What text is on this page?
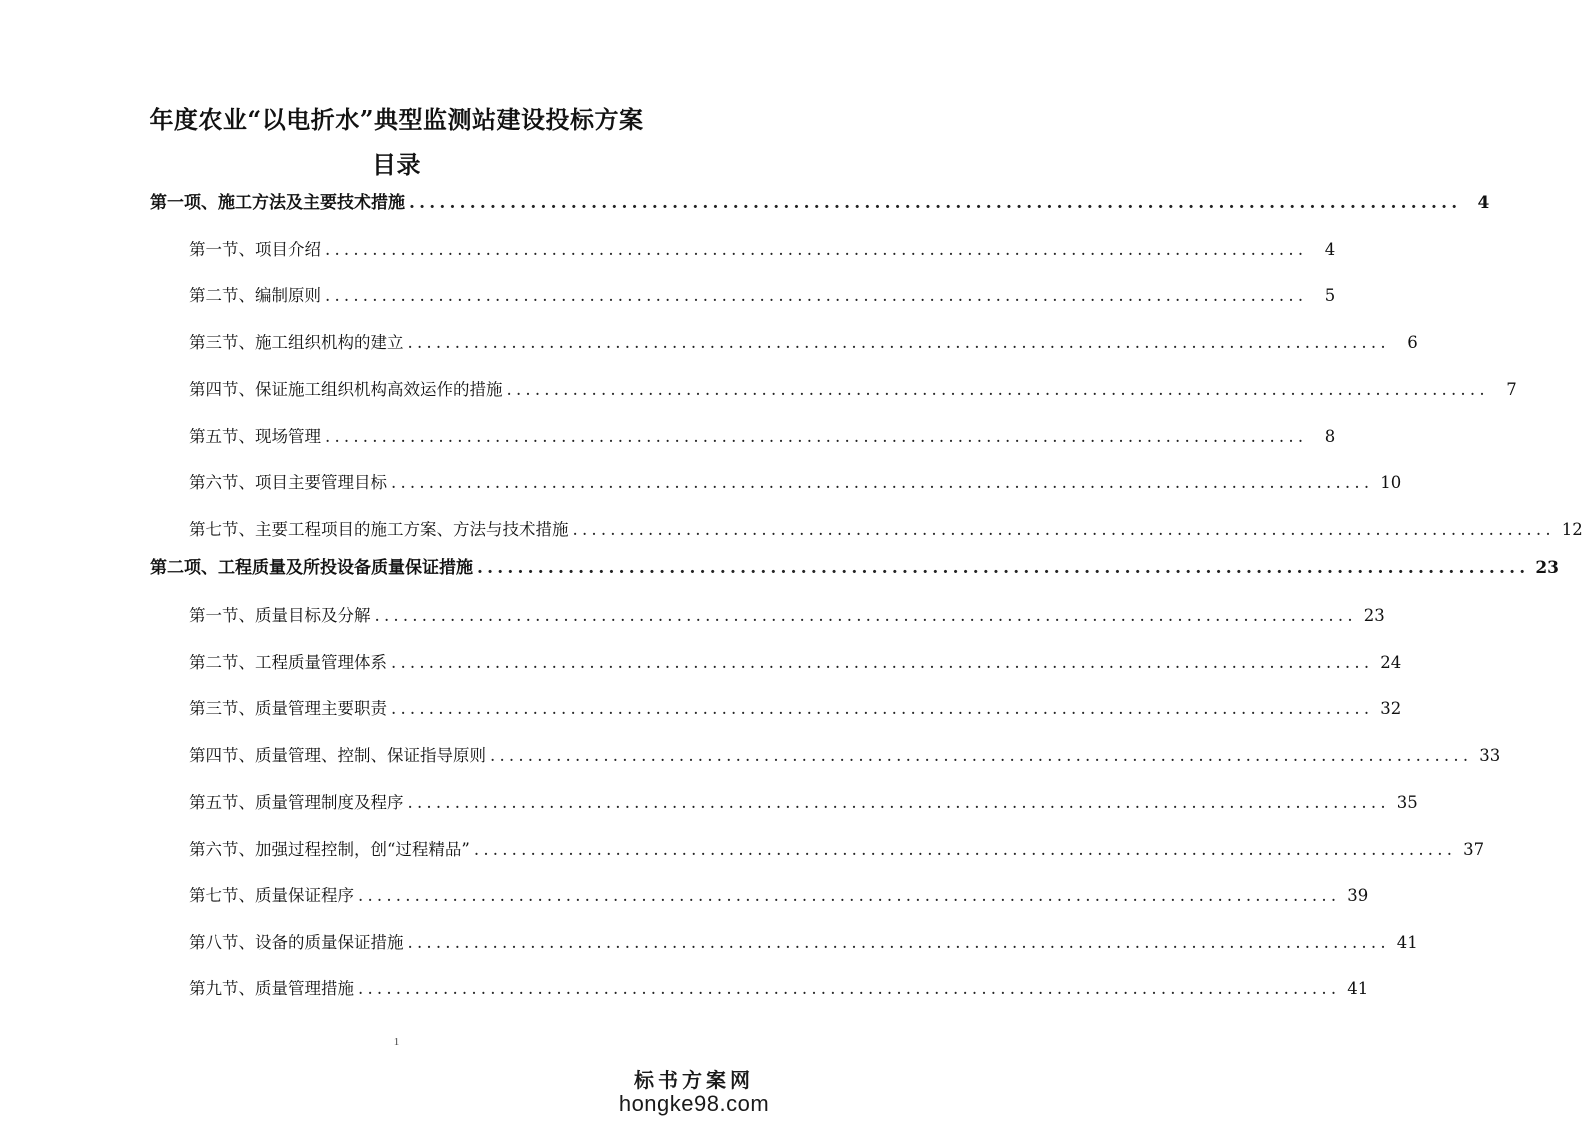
年度农业“以电折水”典型监测站建设投标方案
目录
第一项、施工方法及主要技术措施 ........................................................................................................ 4
第一节、项目介绍 ........................................................................................................	4
第二节、编制原则 ........................................................................................................	5
第三节、施工组织机构的建立 ........................................................................................................	6
第四节、保证施工组织机构高效运作的措施 ........................................................................................................	7
第五节、现场管理 ........................................................................................................	8
第六节、项目主要管理目标 ........................................................................................................ 10
第七节、主要工程项目的施工方案、方法与技术措施 ........................................................................................................ 12
第二项、工程质量及所投设备质量保证措施 ........................................................................................................ 23
第一节、质量目标及分解 ........................................................................................................ 23
第二节、工程质量管理体系 ........................................................................................................ 24
第三节、质量管理主要职责 ........................................................................................................ 32
第四节、质量管理、控制、保证指导原则 ........................................................................................................ 33
第五节、质量管理制度及程序 ........................................................................................................ 35
第六节、加强过程控制，创“过程精品” ........................................................................................................ 37
第七节、质量保证程序 ........................................................................................................ 39
第八节、设备的质量保证措施 ........................................................................................................ 41
第九节、质量管理措施 ........................................................................................................ 41
1
标书方案网
hongke98.com
